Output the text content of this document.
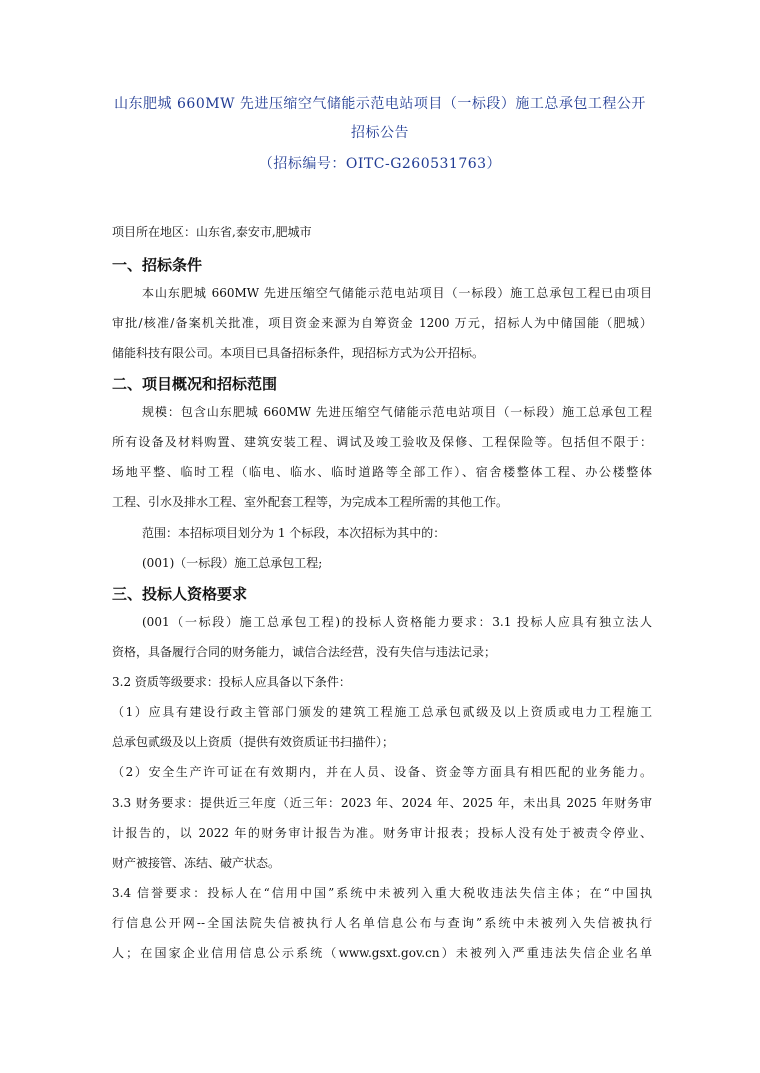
山东肥城 660MW 先进压缩空气储能示范电站项目（一标段）施工总承包工程公开
招标公告
（招标编号：OITC-G260531763）
项目所在地区：山东省,泰安市,肥城市
一、招标条件
本山东肥城 660MW 先进压缩空气储能示范电站项目（一标段）施工总承包工程已由项目
审批/核准/备案机关批准，项目资金来源为自筹资金 1200 万元，招标人为中储国能（肥城）
储能科技有限公司。本项目已具备招标条件，现招标方式为公开招标。
二、项目概况和招标范围
规模：包含山东肥城 660MW 先进压缩空气储能示范电站项目（一标段）施工总承包工程
所有设备及材料购置、建筑安装工程、调试及竣工验收及保修、工程保险等。包括但不限于：
场地平整、临时工程（临电、临水、临时道路等全部工作）、宿舍楼整体工程、办公楼整体
工程、引水及排水工程、室外配套工程等，为完成本工程所需的其他工作。
范围：本招标项目划分为 1 个标段，本次招标为其中的：
(001)（一标段）施工总承包工程;
三、投标人资格要求
(001（一标段）施工总承包工程)的投标人资格能力要求：3.1 投标人应具有独立法人
资格，具备履行合同的财务能力，诚信合法经营，没有失信与违法记录；
3.2 资质等级要求：投标人应具备以下条件：
（1）应具有建设行政主管部门颁发的建筑工程施工总承包贰级及以上资质或电力工程施工
总承包贰级及以上资质（提供有效资质证书扫描件）；
（2）安全生产许可证在有效期内，并在人员、设备、资金等方面具有相匹配的业务能力。
3.3 财务要求：提供近三年度（近三年：2023 年、2024 年、2025 年，未出具 2025 年财务审
计报告的，以 2022 年的财务审计报告为准。财务审计报表；投标人没有处于被责令停业、
财产被接管、冻结、破产状态。
3.4 信誉要求：投标人在“信用中国”系统中未被列入重大税收违法失信主体；在“中国执
行信息公开网--全国法院失信被执行人名单信息公布与查询”系统中未被列入失信被执行
人；在国家企业信用信息公示系统（www.gsxt.gov.cn）未被列入严重违法失信企业名单
